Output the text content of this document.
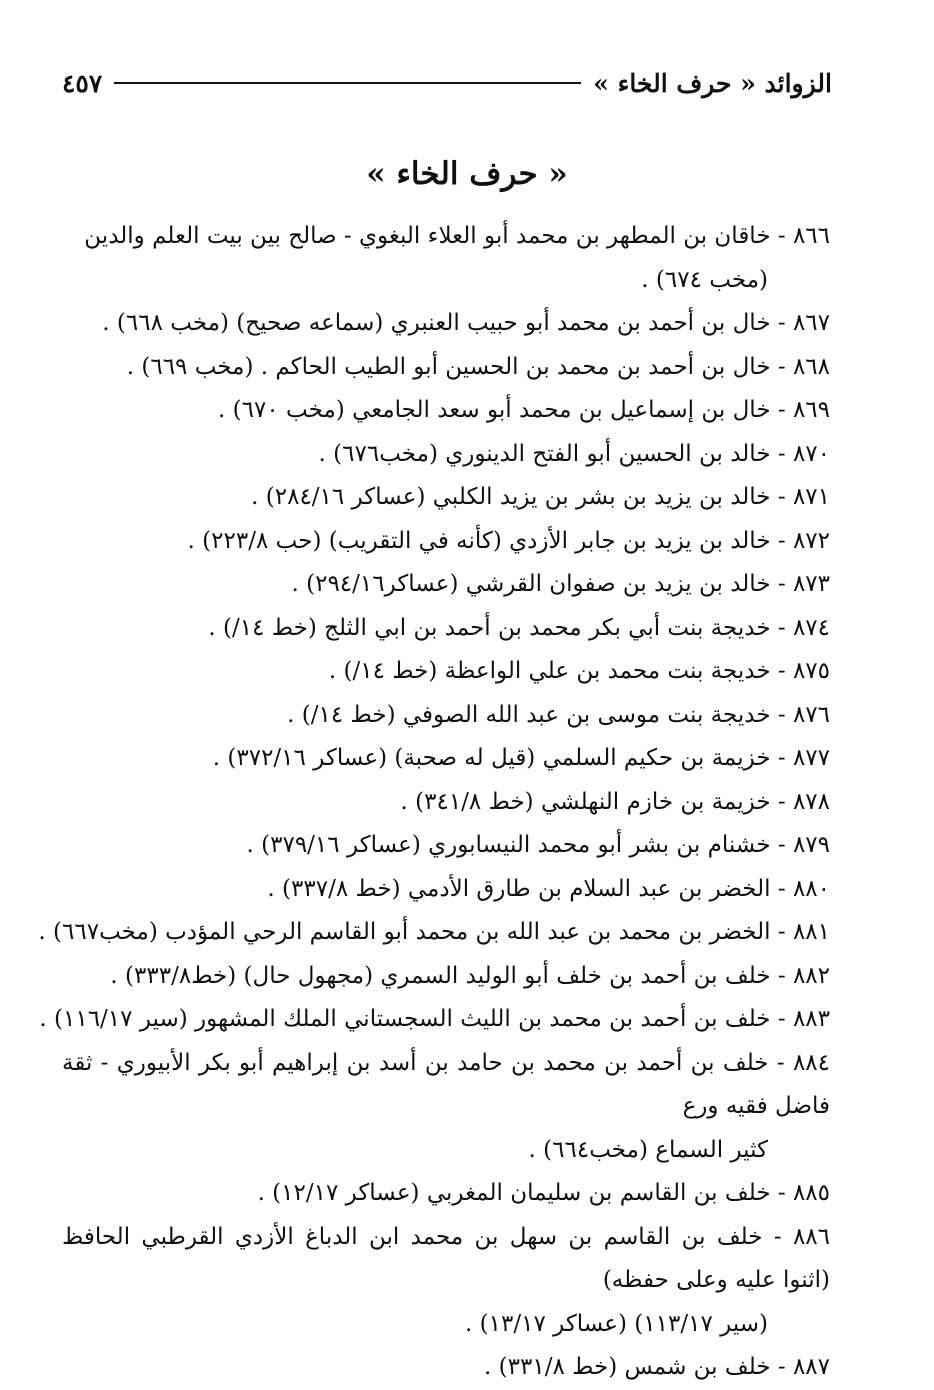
الزوائد « حرف الخاء »
٤٥٧
« حرف الخاء »

٨٦٦ - خاقان بن المطهر بن محمد أبو العلاء البغوي - صالح بين بيت العلم والدين
(مخب ٦٧٤) .

٨٦٧ - خال بن أحمد بن محمد أبو حبيب العنبري (سماعه صحيح) (مخب ٦٦٨) .

٨٦٨ - خال بن أحمد بن محمد بن الحسين أبو الطيب الحاكم . (مخب ٦٦٩) .

٨٦٩ - خال بن إسماعيل بن محمد أبو سعد الجامعي (مخب ٦٧٠) .

٨٧٠ - خالد بن الحسين أبو الفتح الدينوري (مخب٦٧٦) .

٨٧١ - خالد بن يزيد بن بشر بن يزيد الكلبي (عساكر ٢٨٤/١٦) .

٨٧٢ - خالد بن يزيد بن جابر الأزدي (كأنه في التقريب) (حب ٢٢٣/٨) .

٨٧٣ - خالد بن يزيد بن صفوان القرشي (عساكر٢٩٤/١٦) .

٨٧٤ - خديجة بنت أبي بكر محمد بن أحمد بن ابي الثلج (خط ١٤/) .

٨٧٥ - خديجة بنت محمد بن علي الواعظة (خط ١٤/) .

٨٧٦ - خديجة بنت موسى بن عبد الله الصوفي (خط ١٤/) .

٨٧٧ - خزيمة بن حكيم السلمي (قيل له صحبة) (عساكر ٣٧٢/١٦) .

٨٧٨ - خزيمة بن خازم النهلشي (خط ٣٤١/٨) .

٨٧٩ - خشنام بن بشر أبو محمد النيسابوري (عساكر ٣٧٩/١٦) .

٨٨٠ - الخضر بن عبد السلام بن طارق الأدمي (خط ٣٣٧/٨) .

٨٨١ - الخضر بن محمد بن عبد الله بن محمد أبو القاسم الرحي المؤدب (مخب٦٦٧) .

٨٨٢ - خلف بن أحمد بن خلف أبو الوليد السمري (مجهول حال) (خط٣٣٣/٨) .

٨٨٣ - خلف بن أحمد بن محمد بن الليث السجستاني الملك المشهور (سير ١١٦/١٧) .

٨٨٤ - خلف بن أحمد بن محمد بن حامد بن أسد بن إبراهيم أبو بكر الأبيوري - ثقة فاضل فقيه ورع
كثير السماع (مخب٦٦٤) .

٨٨٥ - خلف بن القاسم بن سليمان المغربي (عساكر ١٢/١٧) .

٨٨٦ - خلف بن القاسم بن سهل بن محمد ابن الدباغ الأزدي القرطبي الحافظ (اثنوا عليه وعلى حفظه)
(سير ١١٣/١٧) (عساكر ١٣/١٧) .

٨٨٧ - خلف بن شمس (خط ٣٣١/٨) .
